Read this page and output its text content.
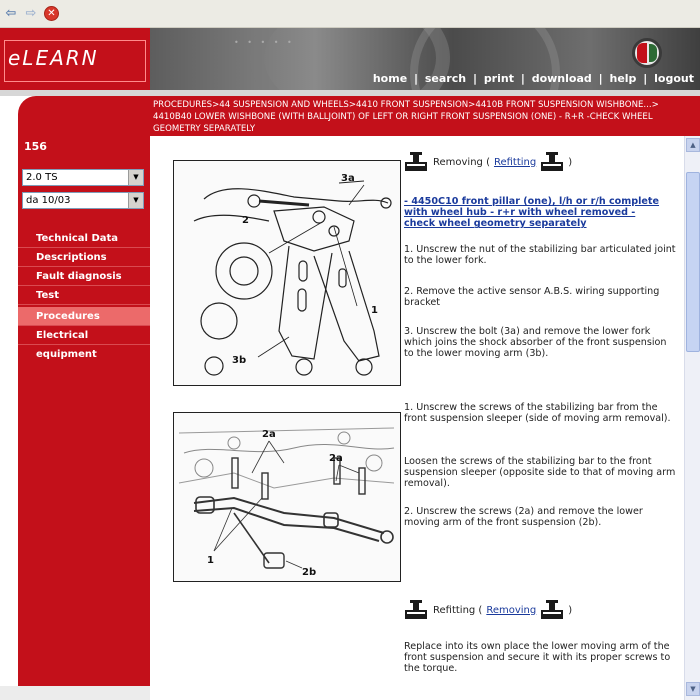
⇦ ⇨	✕
eLEARN
• • • • •
home | search | print | download | help | logout
PROCEDURES>44 SUSPENSION AND WHEELS>4410 FRONT SUSPENSION>4410B FRONT SUSPENSION WISHBONE...> 4410B40 LOWER WISHBONE (WITH BALLJOINT) OF LEFT OR RIGHT FRONT SUSPENSION (ONE) - R+R -CHECK WHEEL GEOMETRY SEPARATELY
156
2.0 TS	▼
da 10/03	▼
Technical Data
Descriptions
Fault diagnosis
Test
Procedures
Electrical equipment
3a
2
1
3b
Removing ( Refitting	)
- 4450C10 front pillar (one), l/h or r/h complete with wheel hub - r+r with wheel removed - check wheel geometry separately
1. Unscrew the nut of the stabilizing bar articulated joint to the lower fork.
2. Remove the active sensor A.B.S. wiring supporting bracket
3. Unscrew the bolt (3a) and remove the lower fork which joins the shock absorber of the front suspension to the lower moving arm (3b).
2a
2a
1
2b
1. Unscrew the screws of the stabilizing bar from the front suspension sleeper (side of moving arm removal).
Loosen the screws of the stabilizing bar to the front suspension sleeper (opposite side to that of moving arm removal).
2. Unscrew the screws (2a) and remove the lower moving arm of the front suspension (2b).
Refitting ( Removing	)
Replace into its own place the lower moving arm of the front suspension and secure it with its proper screws to the torque.
▲
▼
